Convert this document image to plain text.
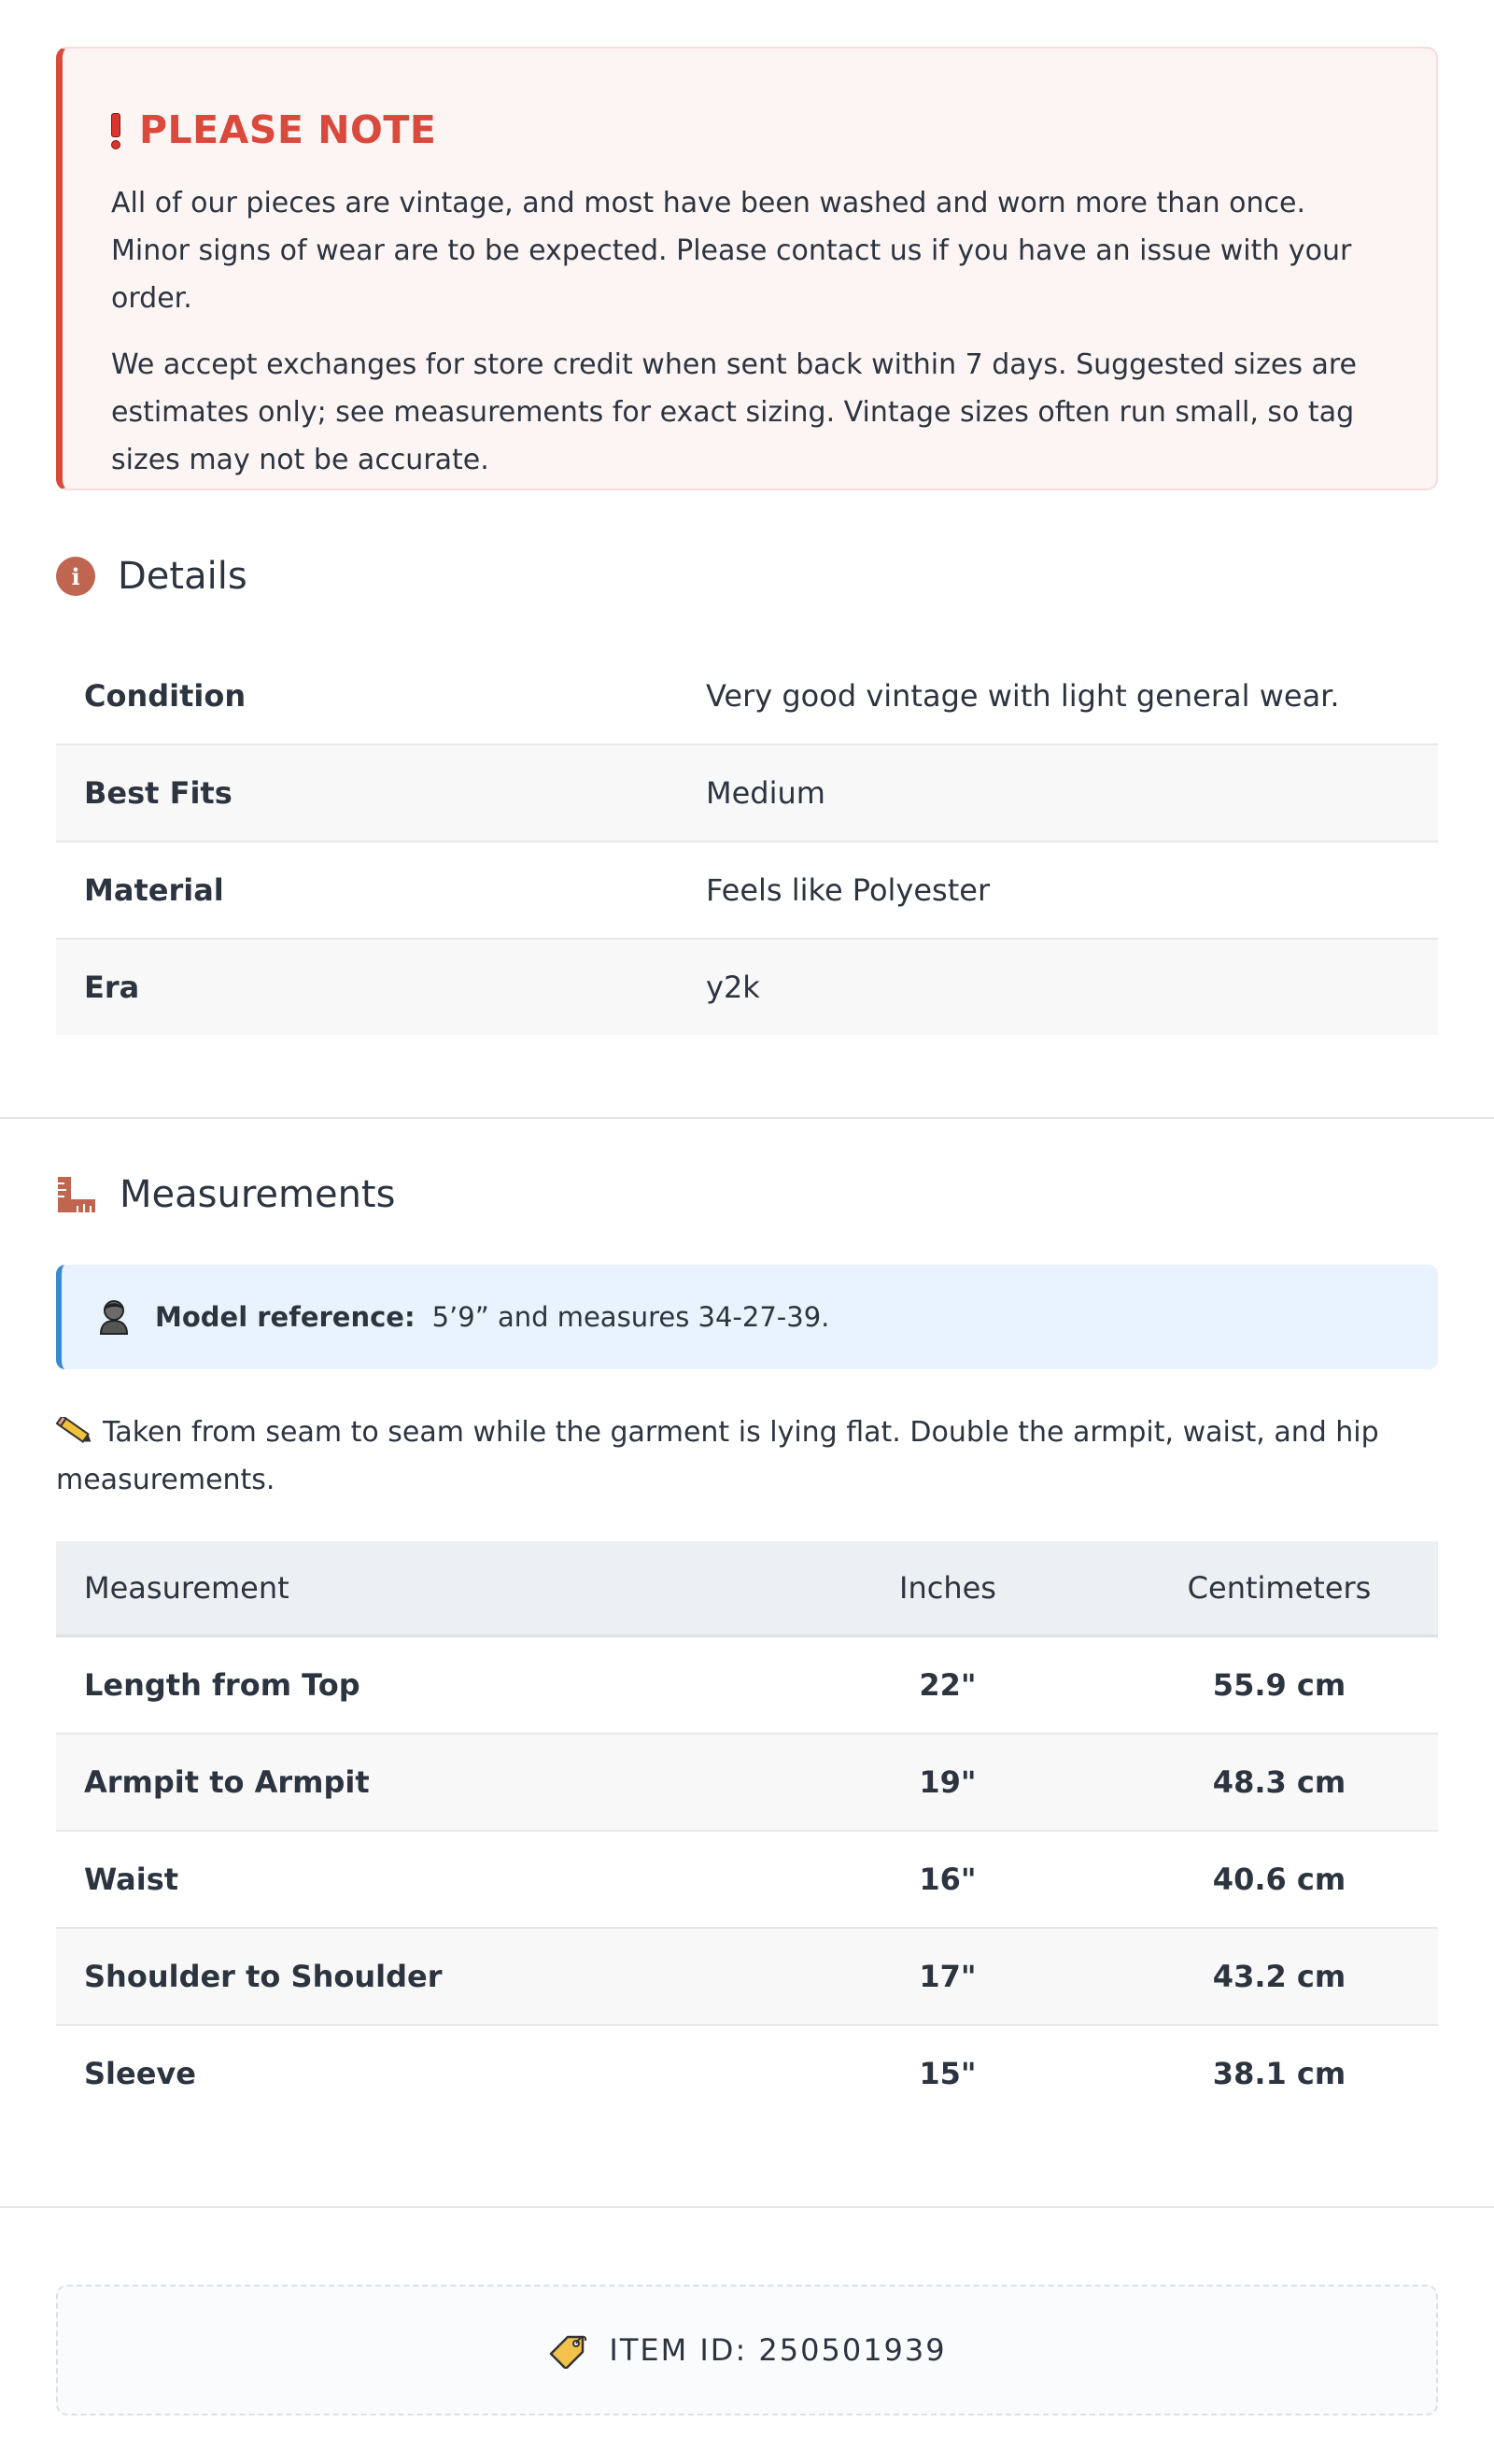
PLEASE NOTE

All of our pieces are vintage, and most have been washed and worn more than once. Minor signs of wear are to be expected. Please contact us if you have an issue with your order.

We accept exchanges for store credit when sent back within 7 days. Suggested sizes are estimates only; see measurements for exact sizing. Vintage sizes often run small, so tag sizes may not be accurate.

i	Details
Condition	Very good vintage with light general wear.
Best Fits	Medium
Material	Feels like Polyester
Era	y2k
Measurements
Model reference: 5’9” and measures 34-27-39.
Taken from seam to seam while the garment is lying flat. Double the armpit, waist, and hip measurements.
Measurement	Inches	Centimeters
Length from Top	22"	55.9 cm
Armpit to Armpit	19"	48.3 cm
Waist	16"	40.6 cm
Shoulder to Shoulder	17"	43.2 cm
Sleeve	15"	38.1 cm
ITEM ID: 250501939
